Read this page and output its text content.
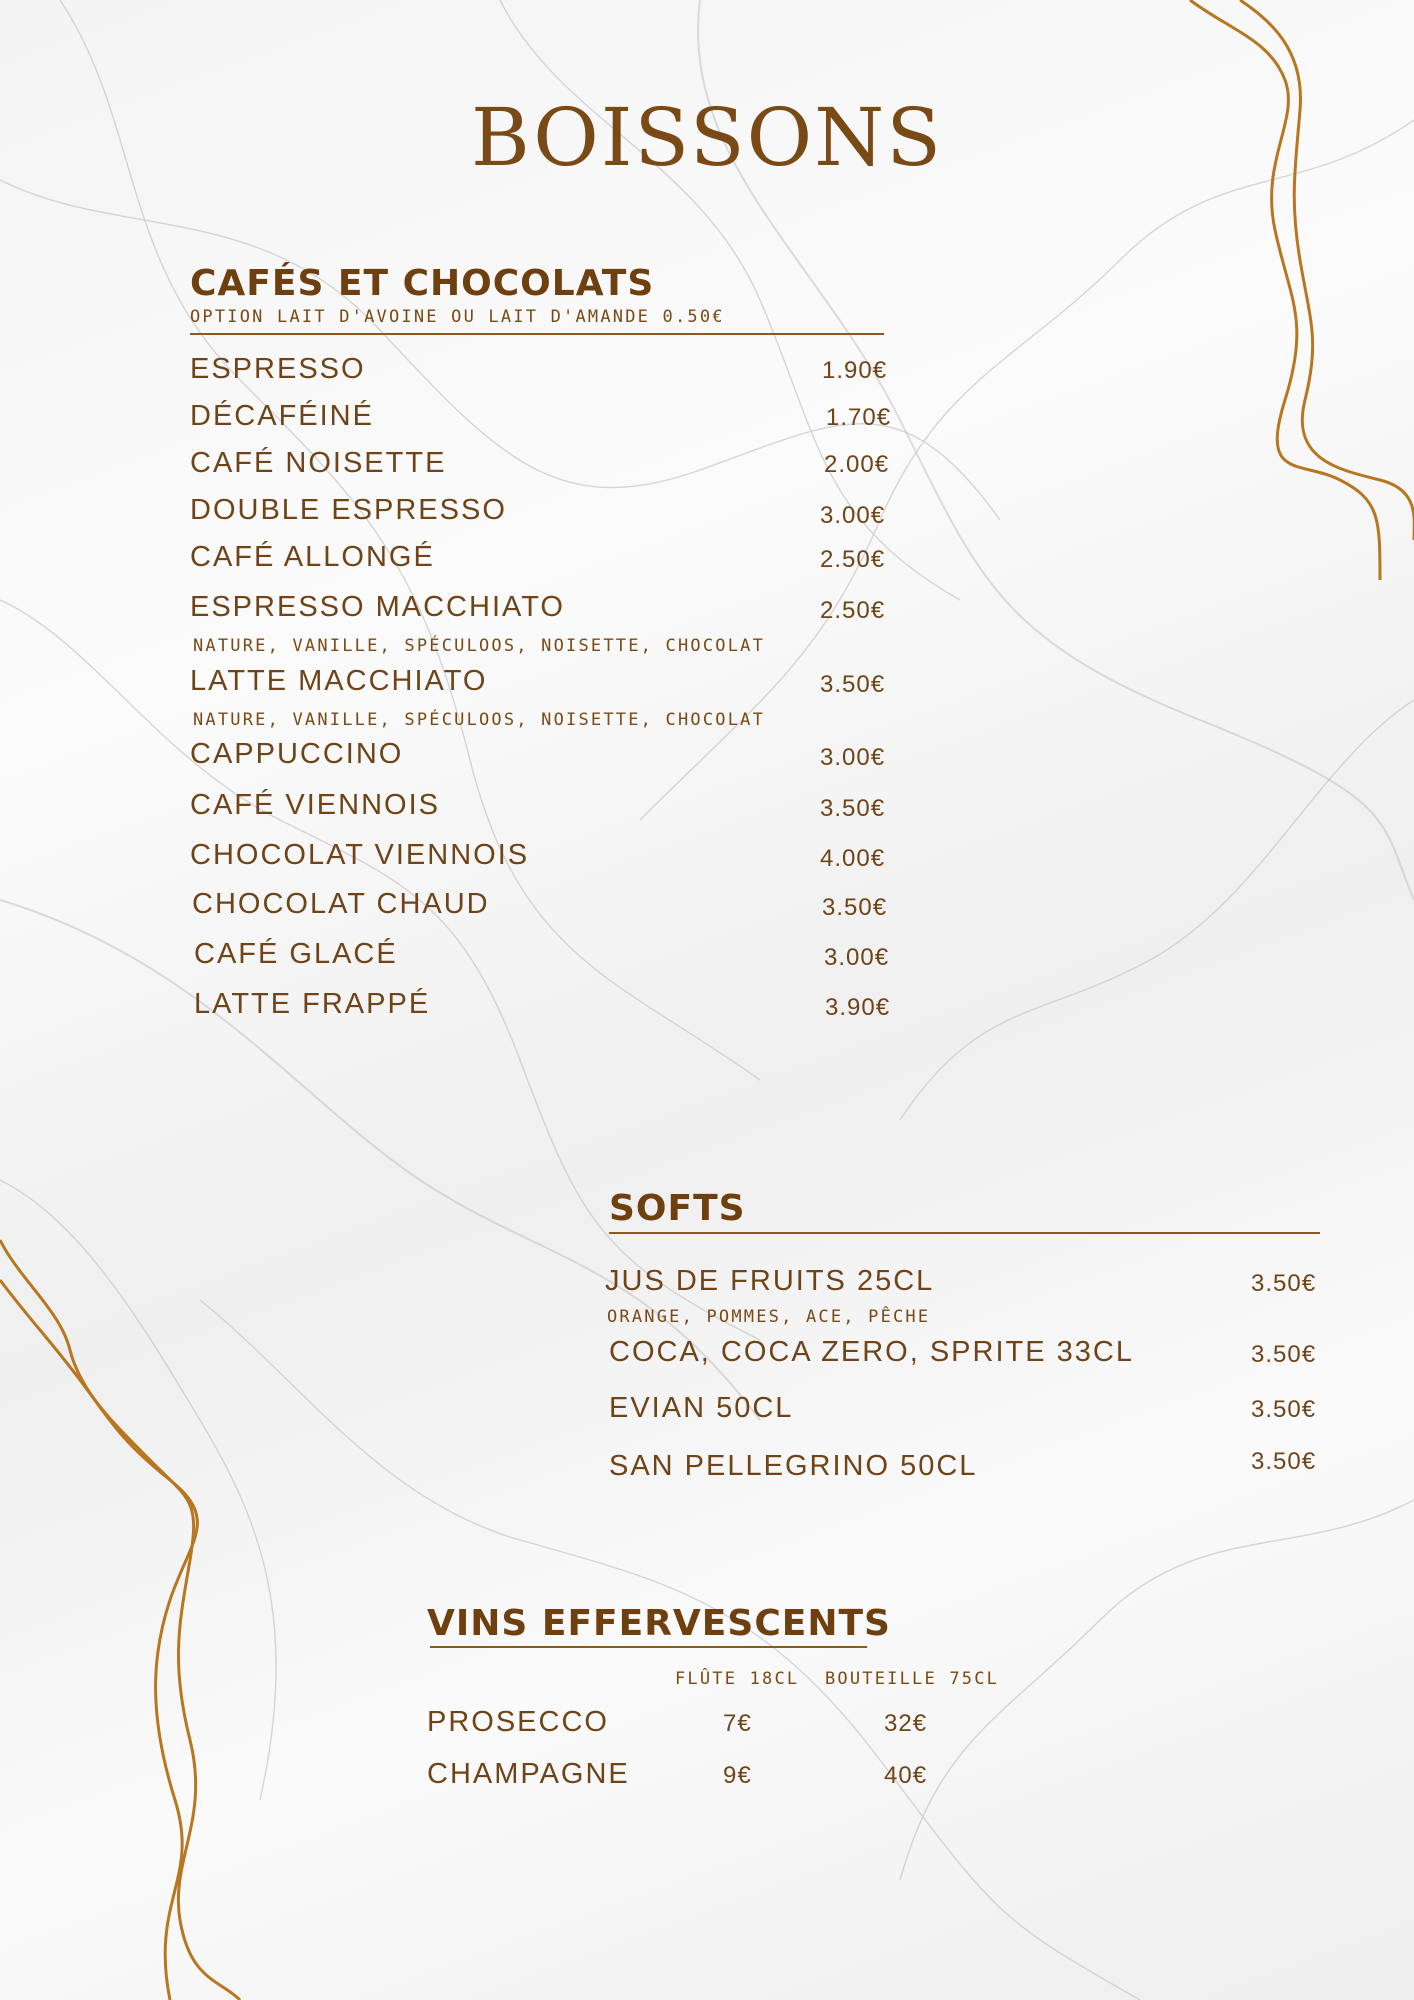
BOISSONS
CAFÉS ET CHOCOLATS
OPTION LAIT D'AVOINE OU LAIT D'AMANDE 0.50€
ESPRESSO	1.90€
DÉCAFÉINÉ	1.70€
CAFÉ NOISETTE	2.00€
DOUBLE ESPRESSO	3.00€
CAFÉ ALLONGÉ	2.50€
ESPRESSO MACCHIATO	2.50€
NATURE, VANILLE, SPÉCULOOS, NOISETTE, CHOCOLAT
LATTE MACCHIATO	3.50€
NATURE, VANILLE, SPÉCULOOS, NOISETTE, CHOCOLAT
CAPPUCCINO	3.00€
CAFÉ VIENNOIS	3.50€
CHOCOLAT VIENNOIS	4.00€
CHOCOLAT CHAUD	3.50€
CAFÉ GLACÉ	3.00€
LATTE FRAPPÉ	3.90€
SOFTS
JUS DE FRUITS 25CL	3.50€
ORANGE, POMMES, ACE, PÊCHE
COCA, COCA ZERO, SPRITE 33CL	3.50€
EVIAN 50CL	3.50€
SAN PELLEGRINO 50CL	3.50€
VINS EFFERVESCENTS
FLÛTE 18CL BOUTEILLE 75CL
PROSECCO	7€	32€
CHAMPAGNE	9€	40€
